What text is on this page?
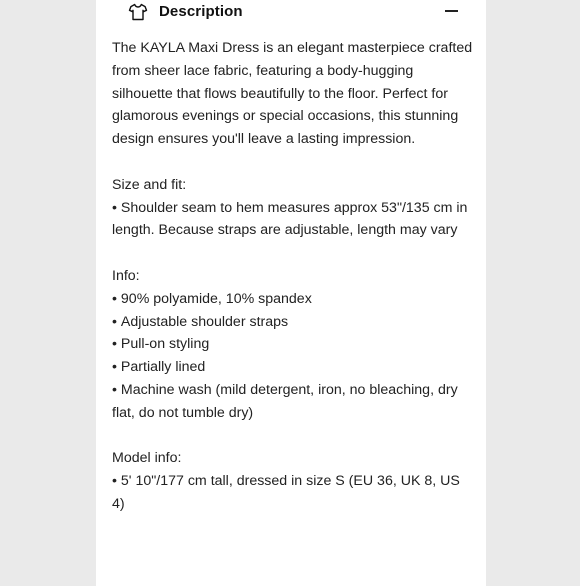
Description

The KAYLA Maxi Dress is an elegant masterpiece crafted from sheer lace fabric, featuring a body-hugging silhouette that flows beautifully to the floor. Perfect for glamorous evenings or special occasions, this stunning design ensures you'll leave a lasting impression.

Size and fit:

• Shoulder seam to hem measures approx 53"/135 cm in length. Because straps are adjustable, length may vary

Info:

• 90% polyamide, 10% spandex

• Adjustable shoulder straps

• Pull-on styling

• Partially lined

• Machine wash (mild detergent, iron, no bleaching, dry flat, do not tumble dry)

Model info:

• 5' 10"/177 cm tall, dressed in size S (EU 36, UK 8, US 4)
